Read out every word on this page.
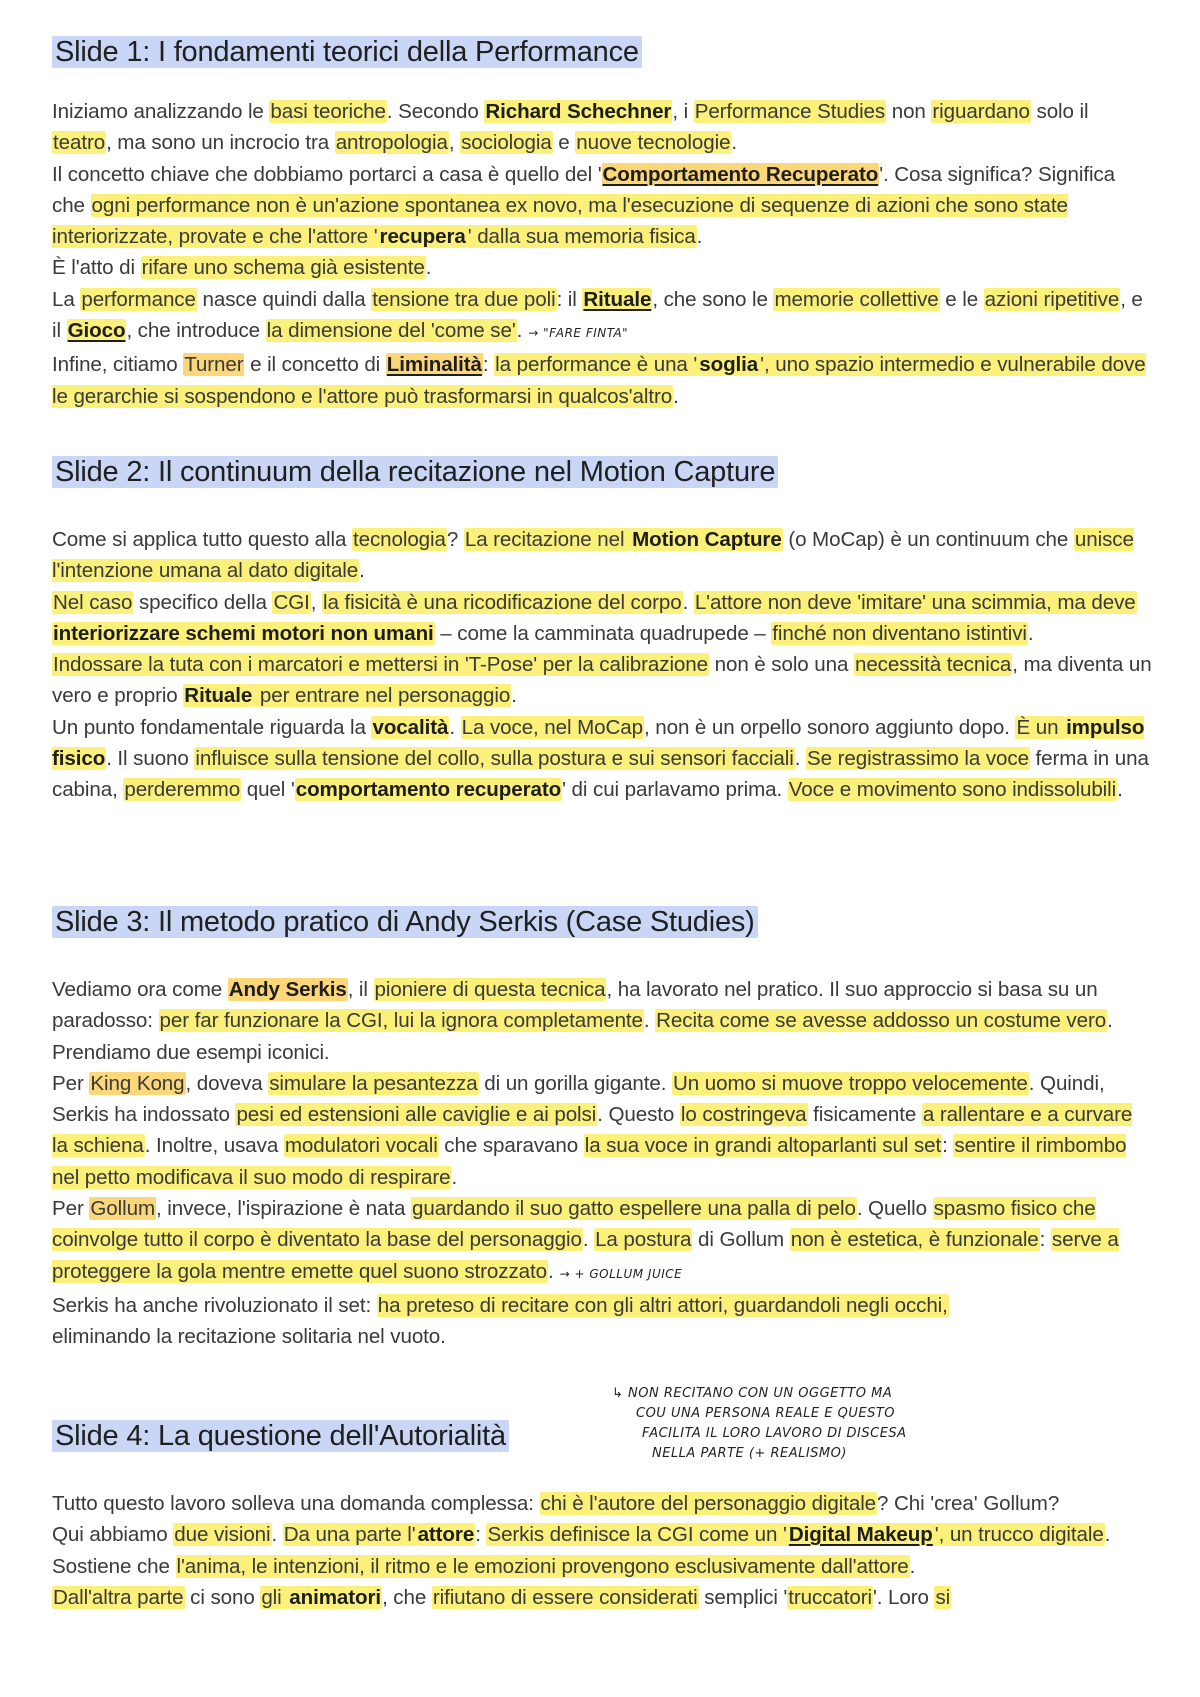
Slide 1: I fondamenti teorici della Performance

Iniziamo analizzando le basi teoriche. Secondo Richard Schechner, i Performance Studies non riguardano solo il teatro, ma sono un incrocio tra antropologia, sociologia e nuove tecnologie.

Il concetto chiave che dobbiamo portarci a casa è quello del 'Comportamento Recuperato'. Cosa significa? Significa che ogni performance non è un'azione spontanea ex novo, ma l'esecuzione di sequenze di azioni che sono state interiorizzate, provate e che l'attore 'recupera' dalla sua memoria fisica.

È l'atto di rifare uno schema già esistente.

La performance nasce quindi dalla tensione tra due poli: il Rituale, che sono le memorie collettive e le azioni ripetitive, e il Gioco, che introduce la dimensione del 'come se'. → "FARE FINTA"

Infine, citiamo Turner e il concetto di Liminalità: la performance è una 'soglia', uno spazio intermedio e vulnerabile dove le gerarchie si sospendono e l'attore può trasformarsi in qualcos'altro.

Slide 2: Il continuum della recitazione nel Motion Capture

Come si applica tutto questo alla tecnologia? La recitazione nel Motion Capture (o MoCap) è un continuum che unisce l'intenzione umana al dato digitale.

Nel caso specifico della CGI, la fisicità è una ricodificazione del corpo. L'attore non deve 'imitare' una scimmia, ma deve interiorizzare schemi motori non umani – come la camminata quadrupede – finché non diventano istintivi.

Indossare la tuta con i marcatori e mettersi in 'T-Pose' per la calibrazione non è solo una necessità tecnica, ma diventa un vero e proprio Rituale per entrare nel personaggio.

Un punto fondamentale riguarda la vocalità. La voce, nel MoCap, non è un orpello sonoro aggiunto dopo. È un impulso fisico. Il suono influisce sulla tensione del collo, sulla postura e sui sensori facciali. Se registrassimo la voce ferma in una cabina, perderemmo quel 'comportamento recuperato' di cui parlavamo prima. Voce e movimento sono indissolubili.

Slide 3: Il metodo pratico di Andy Serkis (Case Studies)

Vediamo ora come Andy Serkis, il pioniere di questa tecnica, ha lavorato nel pratico. Il suo approccio si basa su un paradosso: per far funzionare la CGI, lui la ignora completamente. Recita come se avesse addosso un costume vero.

Prendiamo due esempi iconici.

Per King Kong, doveva simulare la pesantezza di un gorilla gigante. Un uomo si muove troppo velocemente. Quindi, Serkis ha indossato pesi ed estensioni alle caviglie e ai polsi. Questo lo costringeva fisicamente a rallentare e a curvare la schiena. Inoltre, usava modulatori vocali che sparavano la sua voce in grandi altoparlanti sul set: sentire il rimbombo nel petto modificava il suo modo di respirare.

Per Gollum, invece, l'ispirazione è nata guardando il suo gatto espellere una palla di pelo. Quello spasmo fisico che coinvolge tutto il corpo è diventato la base del personaggio. La postura di Gollum non è estetica, è funzionale: serve a proteggere la gola mentre emette quel suono strozzato. → + GOLLUM JUICE

Serkis ha anche rivoluzionato il set: ha preteso di recitare con gli altri attori, guardandoli negli occhi,
eliminando la recitazione solitaria nel vuoto.

↳ NON RECITANO CON UN OGGETTO MA
COU UNA PERSONA REALE E QUESTO
FACILITA IL LORO LAVORO DI DISCESA
NELLA PARTE (+ REALISMO)
Slide 4: La questione dell'Autorialità

Tutto questo lavoro solleva una domanda complessa: chi è l'autore del personaggio digitale? Chi 'crea' Gollum?

Qui abbiamo due visioni. Da una parte l'attore: Serkis definisce la CGI come un 'Digital Makeup', un trucco digitale. Sostiene che l'anima, le intenzioni, il ritmo e le emozioni provengono esclusivamente dall'attore.

Dall'altra parte ci sono gli animatori, che rifiutano di essere considerati semplici 'truccatori'. Loro si
